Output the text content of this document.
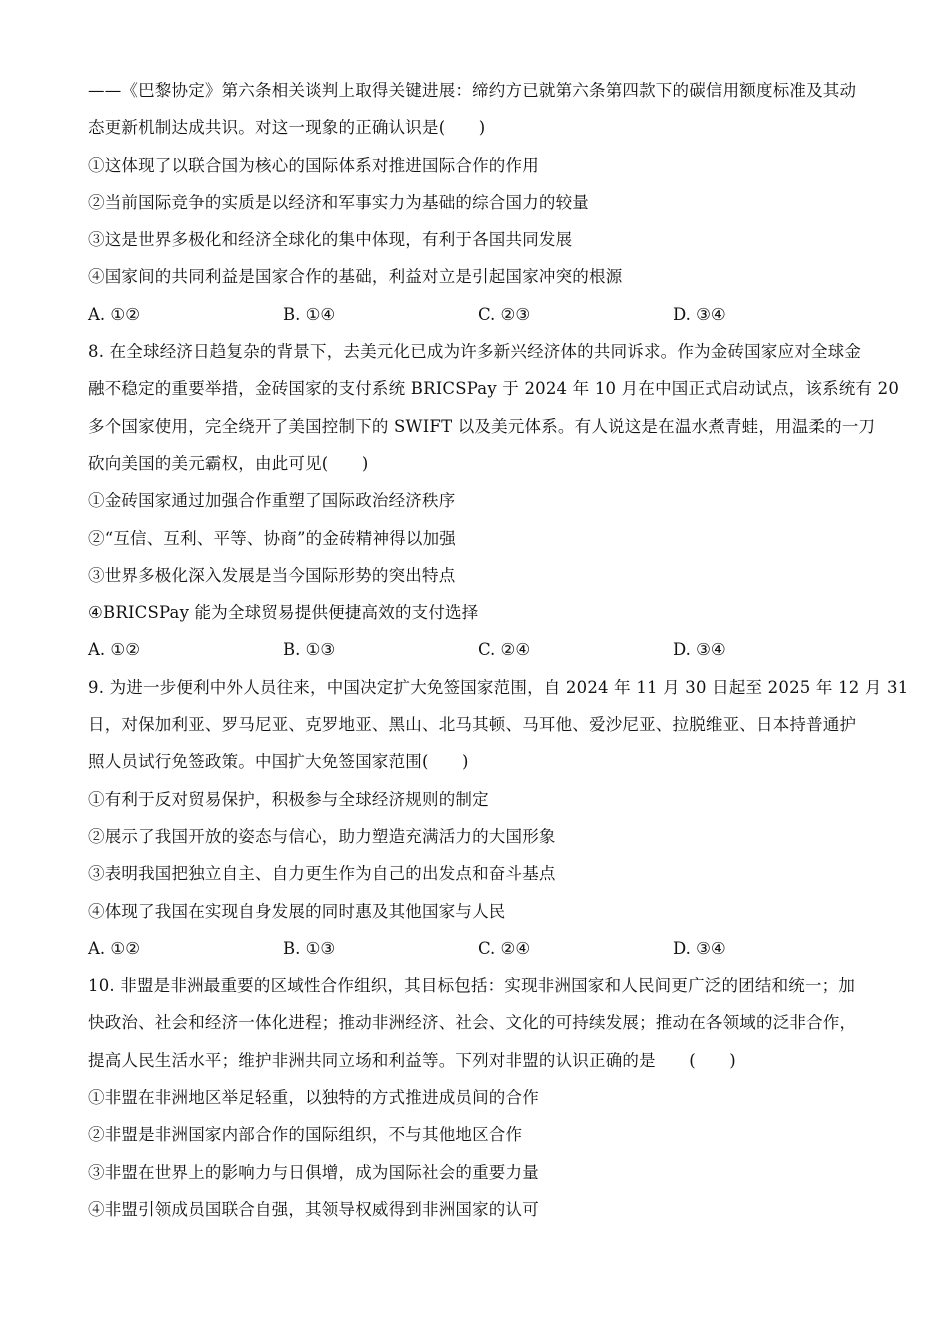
——《巴黎协定》第六条相关谈判上取得关键进展：缔约方已就第六条第四款下的碳信用额度标准及其动
态更新机制达成共识。对这一现象的正确认识是(　　)
①这体现了以联合国为核心的国际体系对推进国际合作的作用
②当前国际竞争的实质是以经济和军事实力为基础的综合国力的较量
③这是世界多极化和经济全球化的集中体现，有利于各国共同发展
④国家间的共同利益是国家合作的基础，利益对立是引起国家冲突的根源
A. ①②	B. ①④	C. ②③	D. ③④
8. 在全球经济日趋复杂的背景下，去美元化已成为许多新兴经济体的共同诉求。作为金砖国家应对全球金
融不稳定的重要举措，金砖国家的支付系统 BRICSPay 于 2024 年 10 月在中国正式启动试点，该系统有 20
多个国家使用，完全绕开了美国控制下的 SWIFT 以及美元体系。有人说这是在温水煮青蛙，用温柔的一刀
砍向美国的美元霸权，由此可见(　　)
①金砖国家通过加强合作重塑了国际政治经济秩序
②“互信、互利、平等、协商”的金砖精神得以加强
③世界多极化深入发展是当今国际形势的突出特点
④BRICSPay 能为全球贸易提供便捷高效的支付选择
A. ①②	B. ①③	C. ②④	D. ③④
9. 为进一步便利中外人员往来，中国决定扩大免签国家范围，自 2024 年 11 月 30 日起至 2025 年 12 月 31
日，对保加利亚、罗马尼亚、克罗地亚、黑山、北马其顿、马耳他、爱沙尼亚、拉脱维亚、日本持普通护
照人员试行免签政策。中国扩大免签国家范围(　　)
①有利于反对贸易保护，积极参与全球经济规则的制定
②展示了我国开放的姿态与信心，助力塑造充满活力的大国形象
③表明我国把独立自主、自力更生作为自己的出发点和奋斗基点
④体现了我国在实现自身发展的同时惠及其他国家与人民
A. ①②	B. ①③	C. ②④	D. ③④
10. 非盟是非洲最重要的区域性合作组织，其目标包括：实现非洲国家和人民间更广泛的团结和统一；加
快政治、社会和经济一体化进程；推动非洲经济、社会、文化的可持续发展；推动在各领域的泛非合作，
提高人民生活水平；维护非洲共同立场和利益等。下列对非盟的认识正确的是　　(　　)
①非盟在非洲地区举足轻重，以独特的方式推进成员间的合作
②非盟是非洲国家内部合作的国际组织，不与其他地区合作
③非盟在世界上的影响力与日俱增，成为国际社会的重要力量
④非盟引领成员国联合自强，其领导权威得到非洲国家的认可
